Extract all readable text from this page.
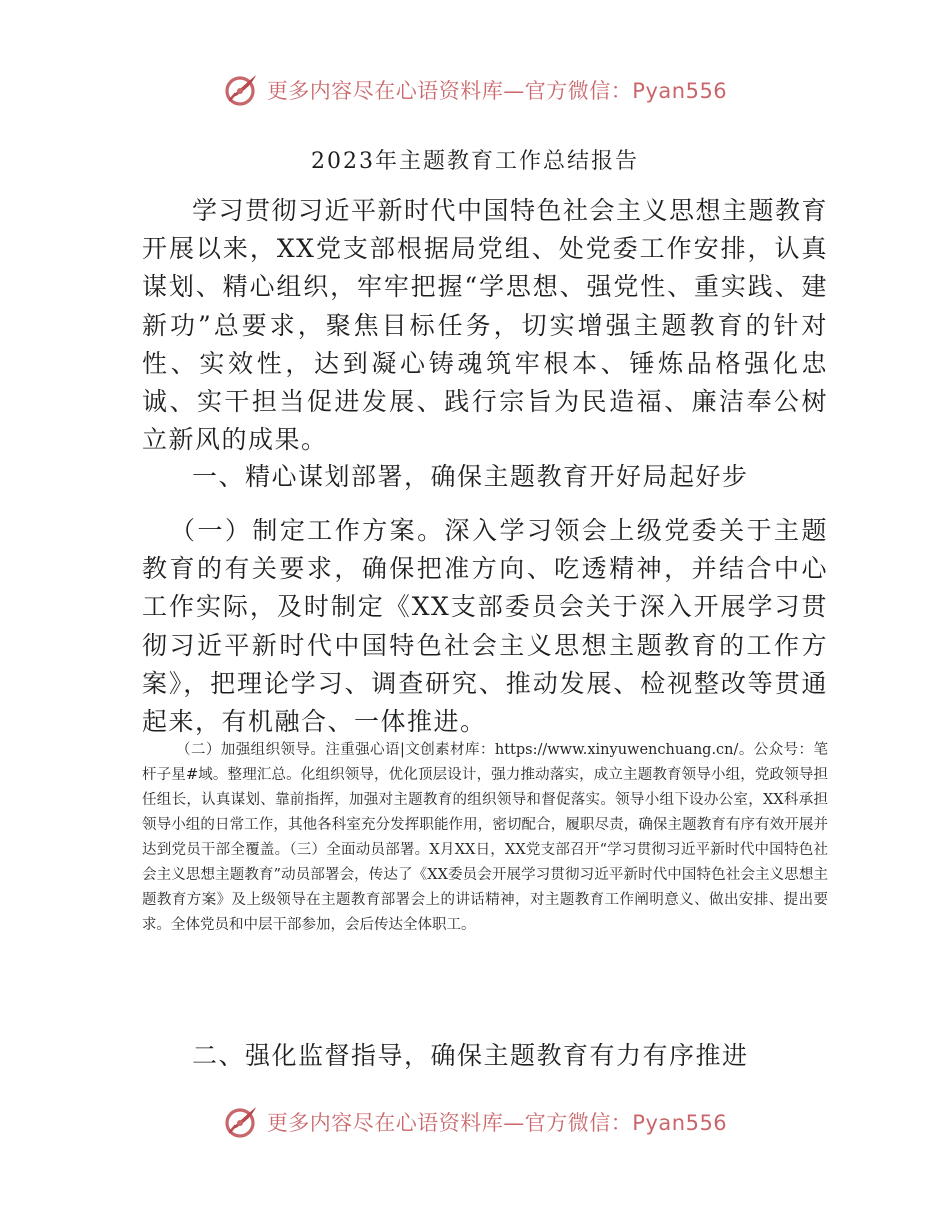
更多内容尽在心语资料库—官方微信：Pyan556
2023年主题教育工作总结报告

学习贯彻习近平新时代中国特色社会主义思想主题教育开展以来，XX党支部根据局党组、处党委工作安排，认真谋划、精心组织，牢牢把握“学思想、强党性、重实践、建新功”总要求，聚焦目标任务，切实增强主题教育的针对性、实效性，达到凝心铸魂筑牢根本、锤炼品格强化忠诚、实干担当促进发展、践行宗旨为民造福、廉洁奉公树立新风的成果。

一、精心谋划部署，确保主题教育开好局起好步

（一）制定工作方案。深入学习领会上级党委关于主题教育的有关要求，确保把准方向、吃透精神，并结合中心工作实际，及时制定《XX支部委员会关于深入开展学习贯彻习近平新时代中国特色社会主义思想主题教育的工作方案》，把理论学习、调查研究、推动发展、检视整改等贯通起来，有机融合、一体推进。

（二）加强组织领导。注重强心语|文创素材库：https://www.xinyuwenchuang.cn/。公众号：笔杆子星#域。整理汇总。化组织领导，优化顶层设计，强力推动落实，成立主题教育领导小组，党政领导担任组长，认真谋划、靠前指挥，加强对主题教育的组织领导和督促落实。领导小组下设办公室，XX科承担领导小组的日常工作，其他各科室充分发挥职能作用，密切配合，履职尽责，确保主题教育有序有效开展并达到党员干部全覆盖。（三）全面动员部署。X月XX日，XX党支部召开“学习贯彻习近平新时代中国特色社会主义思想主题教育”动员部署会，传达了《XX委员会开展学习贯彻习近平新时代中国特色社会主义思想主题教育方案》及上级领导在主题教育部署会上的讲话精神，对主题教育工作阐明意义、做出安排、提出要求。全体党员和中层干部参加，会后传达全体职工。

二、强化监督指导，确保主题教育有力有序推进

更多内容尽在心语资料库—官方微信：Pyan556
